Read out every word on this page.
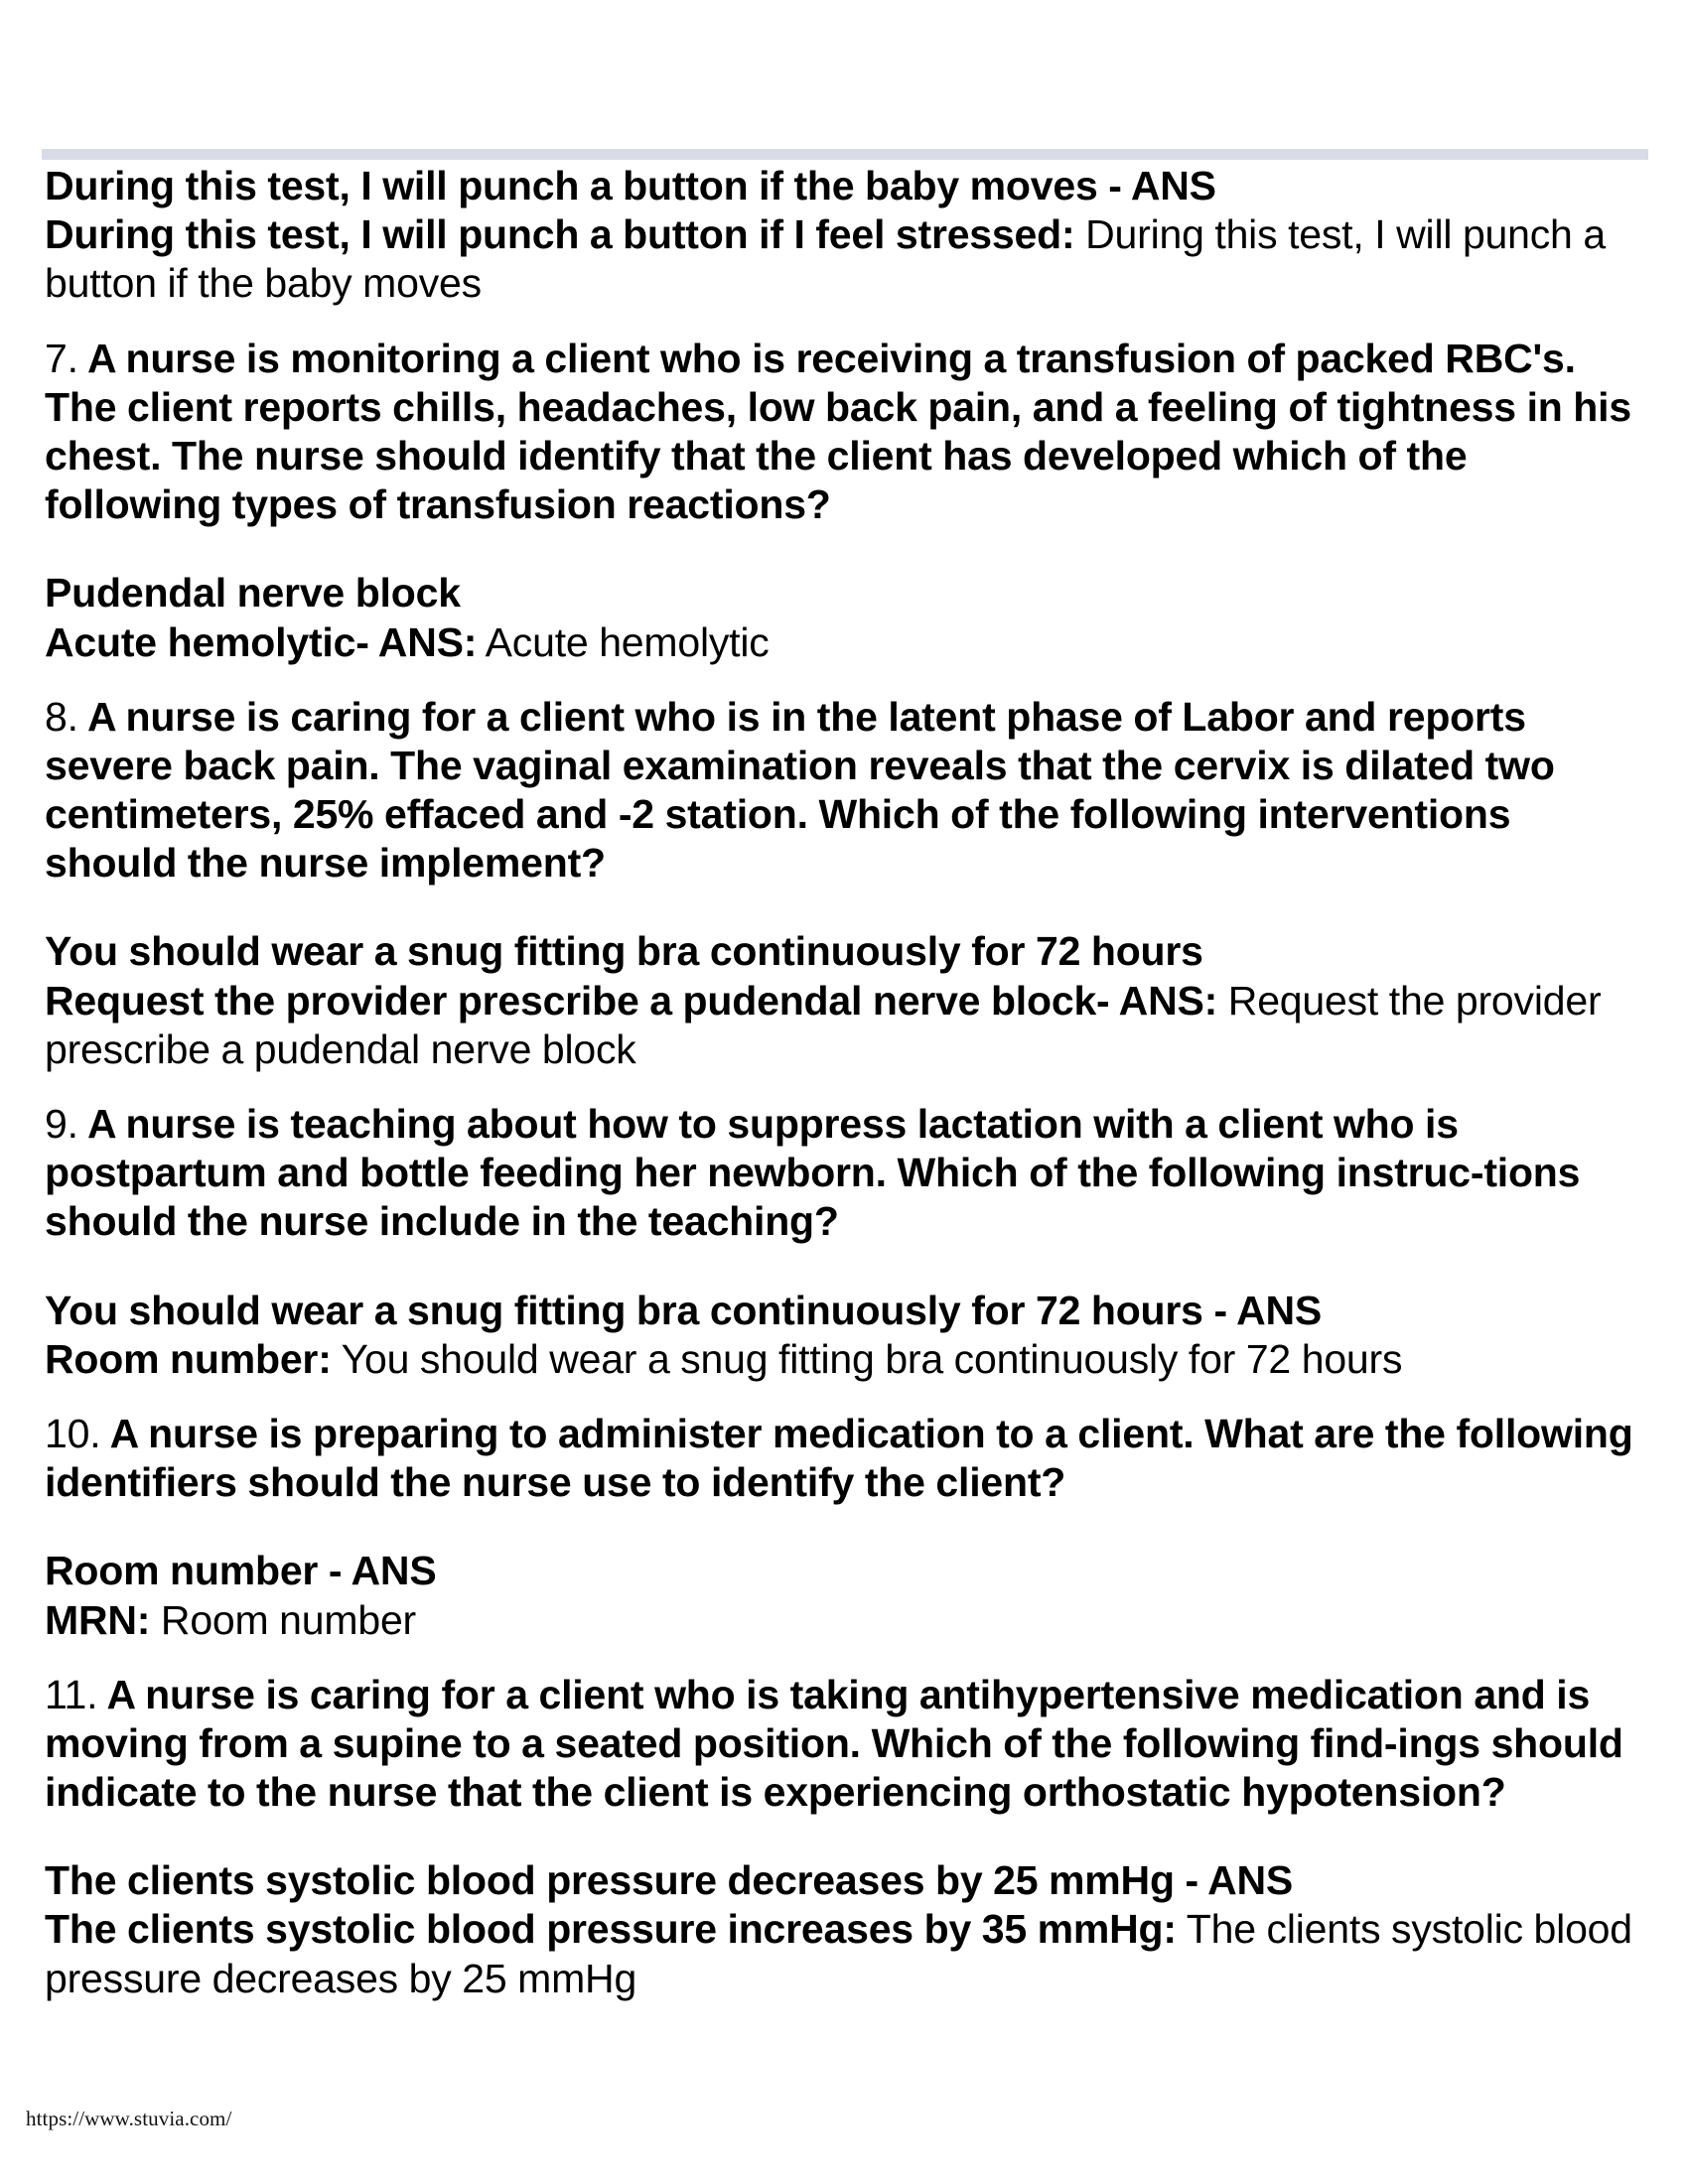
During this test, I will punch a button if the baby moves - ANS
During this test, I will punch a button if I feel stressed: During this test, I will punch a button if the baby moves
7. A nurse is monitoring a client who is receiving a transfusion of packed RBC's. The client reports chills, headaches, low back pain, and a feeling of tightness in his chest. The nurse should identify that the client has developed which of the following types of transfusion reactions?
Pudendal nerve block
Acute hemolytic- ANS: Acute hemolytic
8. A nurse is caring for a client who is in the latent phase of Labor and reports severe back pain. The vaginal examination reveals that the cervix is dilated two centimeters, 25% effaced and -2 station. Which of the following interventions should the nurse implement?
You should wear a snug fitting bra continuously for 72 hours
Request the provider prescribe a pudendal nerve block- ANS: Request the provider prescribe a pudendal nerve block
9. A nurse is teaching about how to suppress lactation with a client who is postpartum and bottle feeding her newborn. Which of the following instruc-tions should the nurse include in the teaching?
You should wear a snug fitting bra continuously for 72 hours - ANS
Room number: You should wear a snug fitting bra continuously for 72 hours
10. A nurse is preparing to administer medication to a client. What are the following identifiers should the nurse use to identify the client?
Room number - ANS
MRN: Room number
11. A nurse is caring for a client who is taking antihypertensive medication and is moving from a supine to a seated position. Which of the following find-ings should indicate to the nurse that the client is experiencing orthostatic hypotension?
The clients systolic blood pressure decreases by 25 mmHg - ANS
The clients systolic blood pressure increases by 35 mmHg: The clients systolic blood pressure decreases by 25 mmHg
https://www.stuvia.com/
